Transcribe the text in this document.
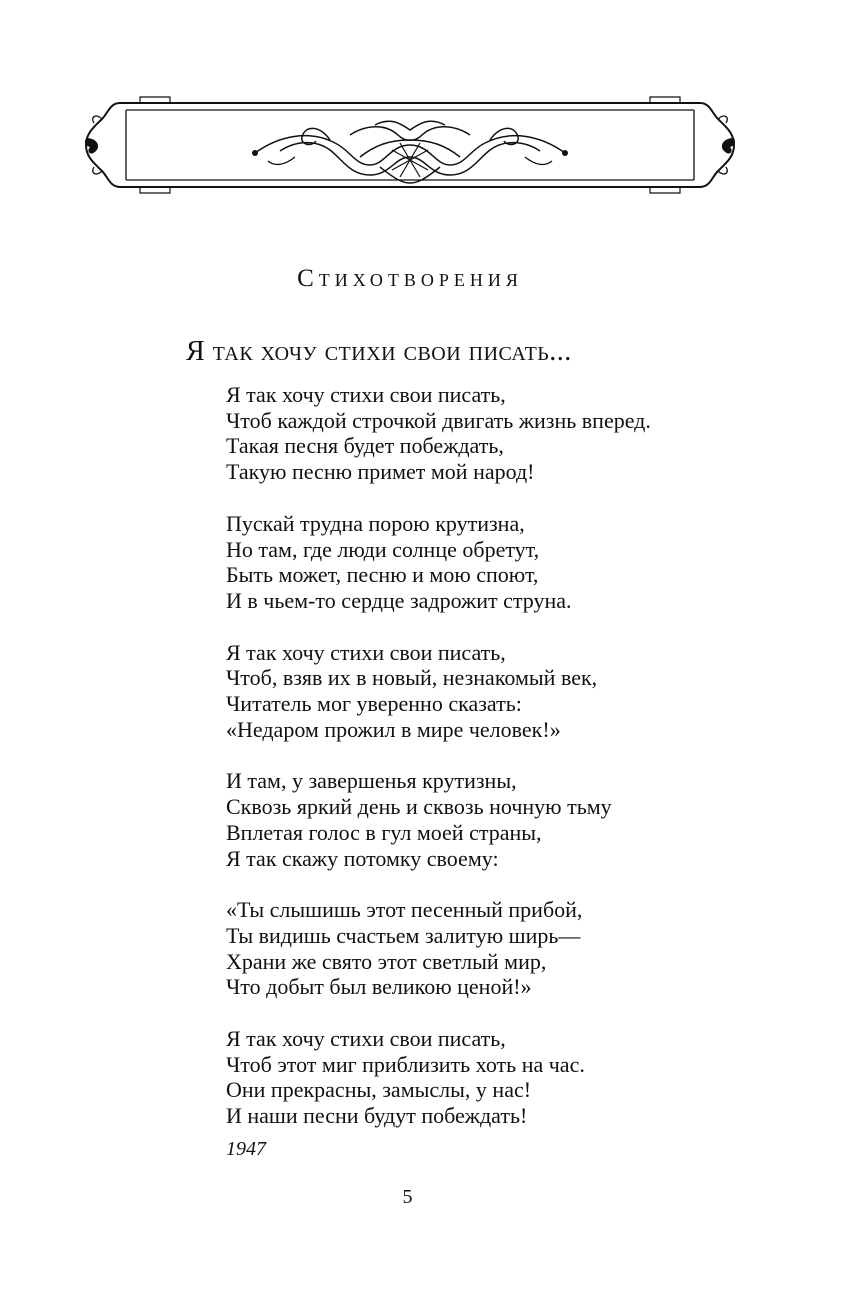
Стихотворения
Я так хочу стихи свои писать...
Я так хочу стихи свои писать,
Чтоб каждой строчкой двигать жизнь вперед.
Такая песня будет побеждать,
Такую песню примет мой народ!
Пускай трудна порою крутизна,
Но там, где люди солнце обретут,
Быть может, песню и мою споют,
И в чьем-то сердце задрожит струна.
Я так хочу стихи свои писать,
Чтоб, взяв их в новый, незнакомый век,
Читатель мог уверенно сказать:
«Недаром прожил в мире человек!»
И там, у завершенья крутизны,
Сквозь яркий день и сквозь ночную тьму
Вплетая голос в гул моей страны,
Я так скажу потомку своему:
«Ты слышишь этот песенный прибой,
Ты видишь счастьем залитую ширь—
Храни же свято этот светлый мир,
Что добыт был великою ценой!»
Я так хочу стихи свои писать,
Чтоб этот миг приблизить хоть на час.
Они прекрасны, замыслы, у нас!
И наши песни будут побеждать!
1947
5
